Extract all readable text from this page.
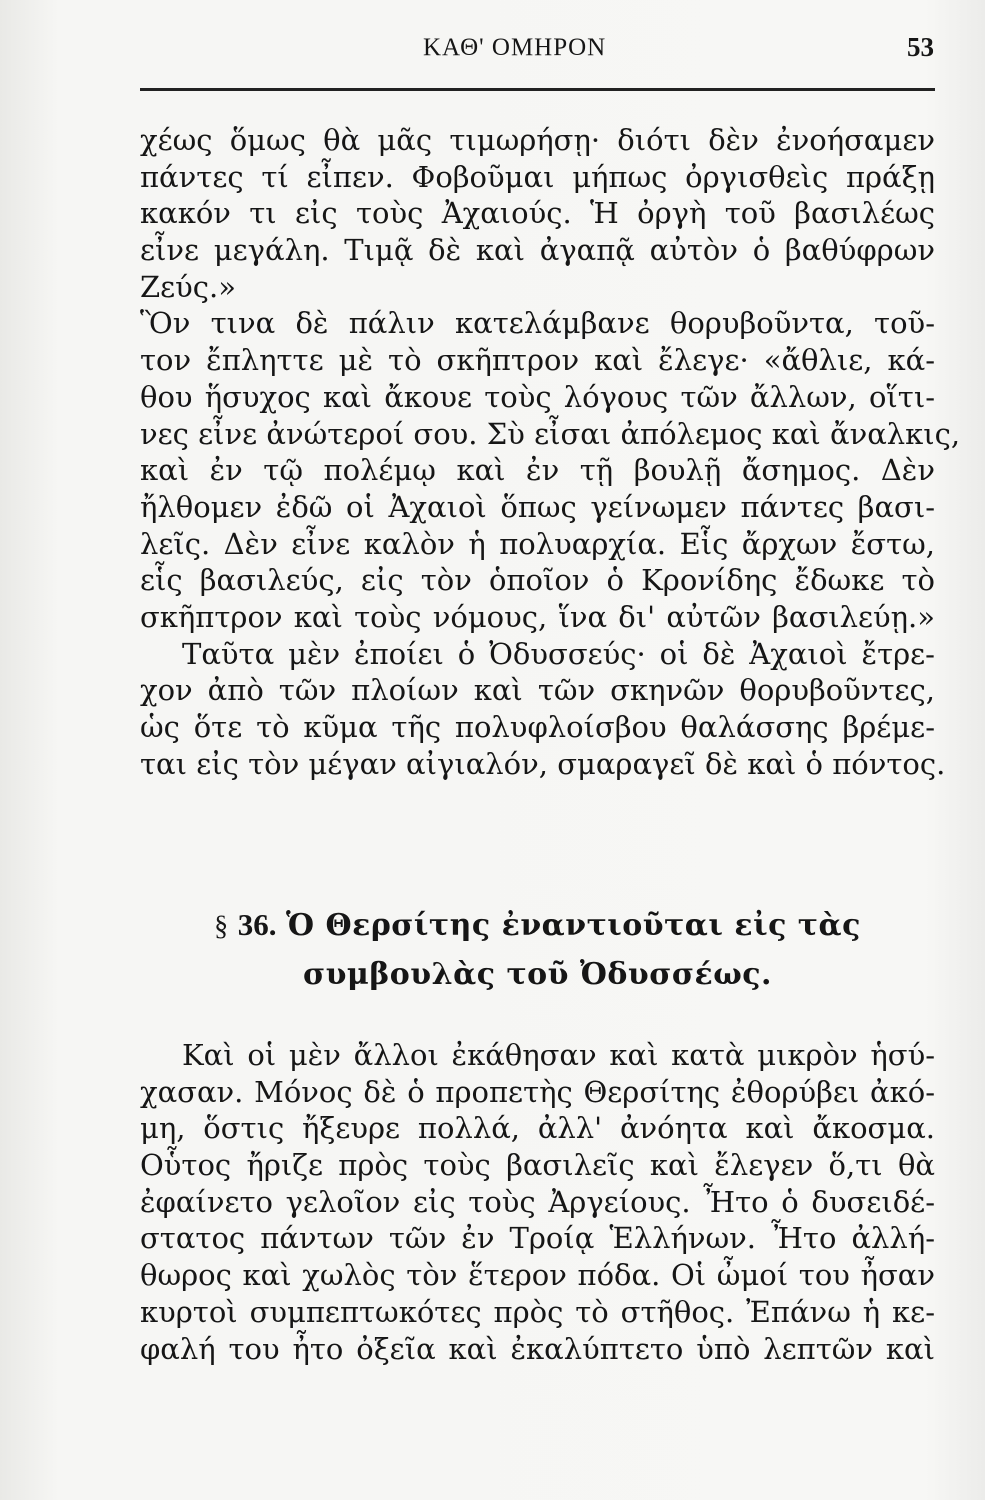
ΚΑΘ' ΟΜΗΡΟΝ	53
χέως ὅμως θὰ μᾶς τιμωρήσῃ· διότι δὲν ἐνοήσαμεν
πάντες τί εἶπεν. Φοβοῦμαι μήπως ὀργισθεὶς πράξῃ
κακόν τι εἰς τοὺς Ἀχαιούς. Ἡ ὀργὴ τοῦ βασιλέως
εἶνε μεγάλη. Τιμᾷ δὲ καὶ ἀγαπᾷ αὐτὸν ὁ βαθύφρων
Ζεύς.»
Ὃν τινα δὲ πάλιν κατελάμβανε θορυβοῦντα, τοῦ-
τον ἔπληττε μὲ τὸ σκῆπτρον καὶ ἔλεγε· «ἄθλιε, κά-
θου ἥσυχος καὶ ἄκουε τοὺς λόγους τῶν ἄλλων, οἵτι-
νες εἶνε ἀνώτεροί σου. Σὺ εἶσαι ἀπόλεμος καὶ ἄναλκις,
καὶ ἐν τῷ πολέμῳ καὶ ἐν τῇ βουλῇ ἄσημος. Δὲν
ἤλθομεν ἐδῶ οἱ Ἀχαιοὶ ὅπως γείνωμεν πάντες βασι-
λεῖς. Δὲν εἶνε καλὸν ἡ πολυαρχία. Εἷς ἄρχων ἔστω,
εἷς βασιλεύς, εἰς τὸν ὁποῖον ὁ Κρονίδης ἔδωκε τὸ
σκῆπτρον καὶ τοὺς νόμους, ἵνα δι' αὐτῶν βασιλεύῃ.»
Ταῦτα μὲν ἐποίει ὁ Ὀδυσσεύς· οἱ δὲ Ἀχαιοὶ ἔτρε-
χον ἀπὸ τῶν πλοίων καὶ τῶν σκηνῶν θορυβοῦντες,
ὡς ὅτε τὸ κῦμα τῆς πολυφλοίσβου θαλάσσης βρέμε-
ται εἰς τὸν μέγαν αἰγιαλόν, σμαραγεῖ δὲ καὶ ὁ πόντος.
§ 36. Ὁ Θερσίτης ἐναντιοῦται εἰς τὰς
συμβουλὰς τοῦ Ὀδυσσέως.
Καὶ οἱ μὲν ἄλλοι ἐκάθησαν καὶ κατὰ μικρὸν ἡσύ-
χασαν. Μόνος δὲ ὁ προπετὴς Θερσίτης ἐθορύβει ἀκό-
μη, ὅστις ἤξευρε πολλά, ἀλλ' ἀνόητα καὶ ἄκοσμα.
Οὗτος ἤριζε πρὸς τοὺς βασιλεῖς καὶ ἔλεγεν ὅ,τι θὰ
ἐφαίνετο γελοῖον εἰς τοὺς Ἀργείους. Ἦτο ὁ δυσειδέ-
στατος πάντων τῶν ἐν Τροίᾳ Ἑλλήνων. Ἦτο ἀλλή-
θωρος καὶ χωλὸς τὸν ἕτερον πόδα. Οἱ ὦμοί του ἦσαν
κυρτοὶ συμπεπτωκότες πρὸς τὸ στῆθος. Ἐπάνω ἡ κε-
φαλή του ἦτο ὀξεῖα καὶ ἐκαλύπτετο ὑπὸ λεπτῶν καὶ
